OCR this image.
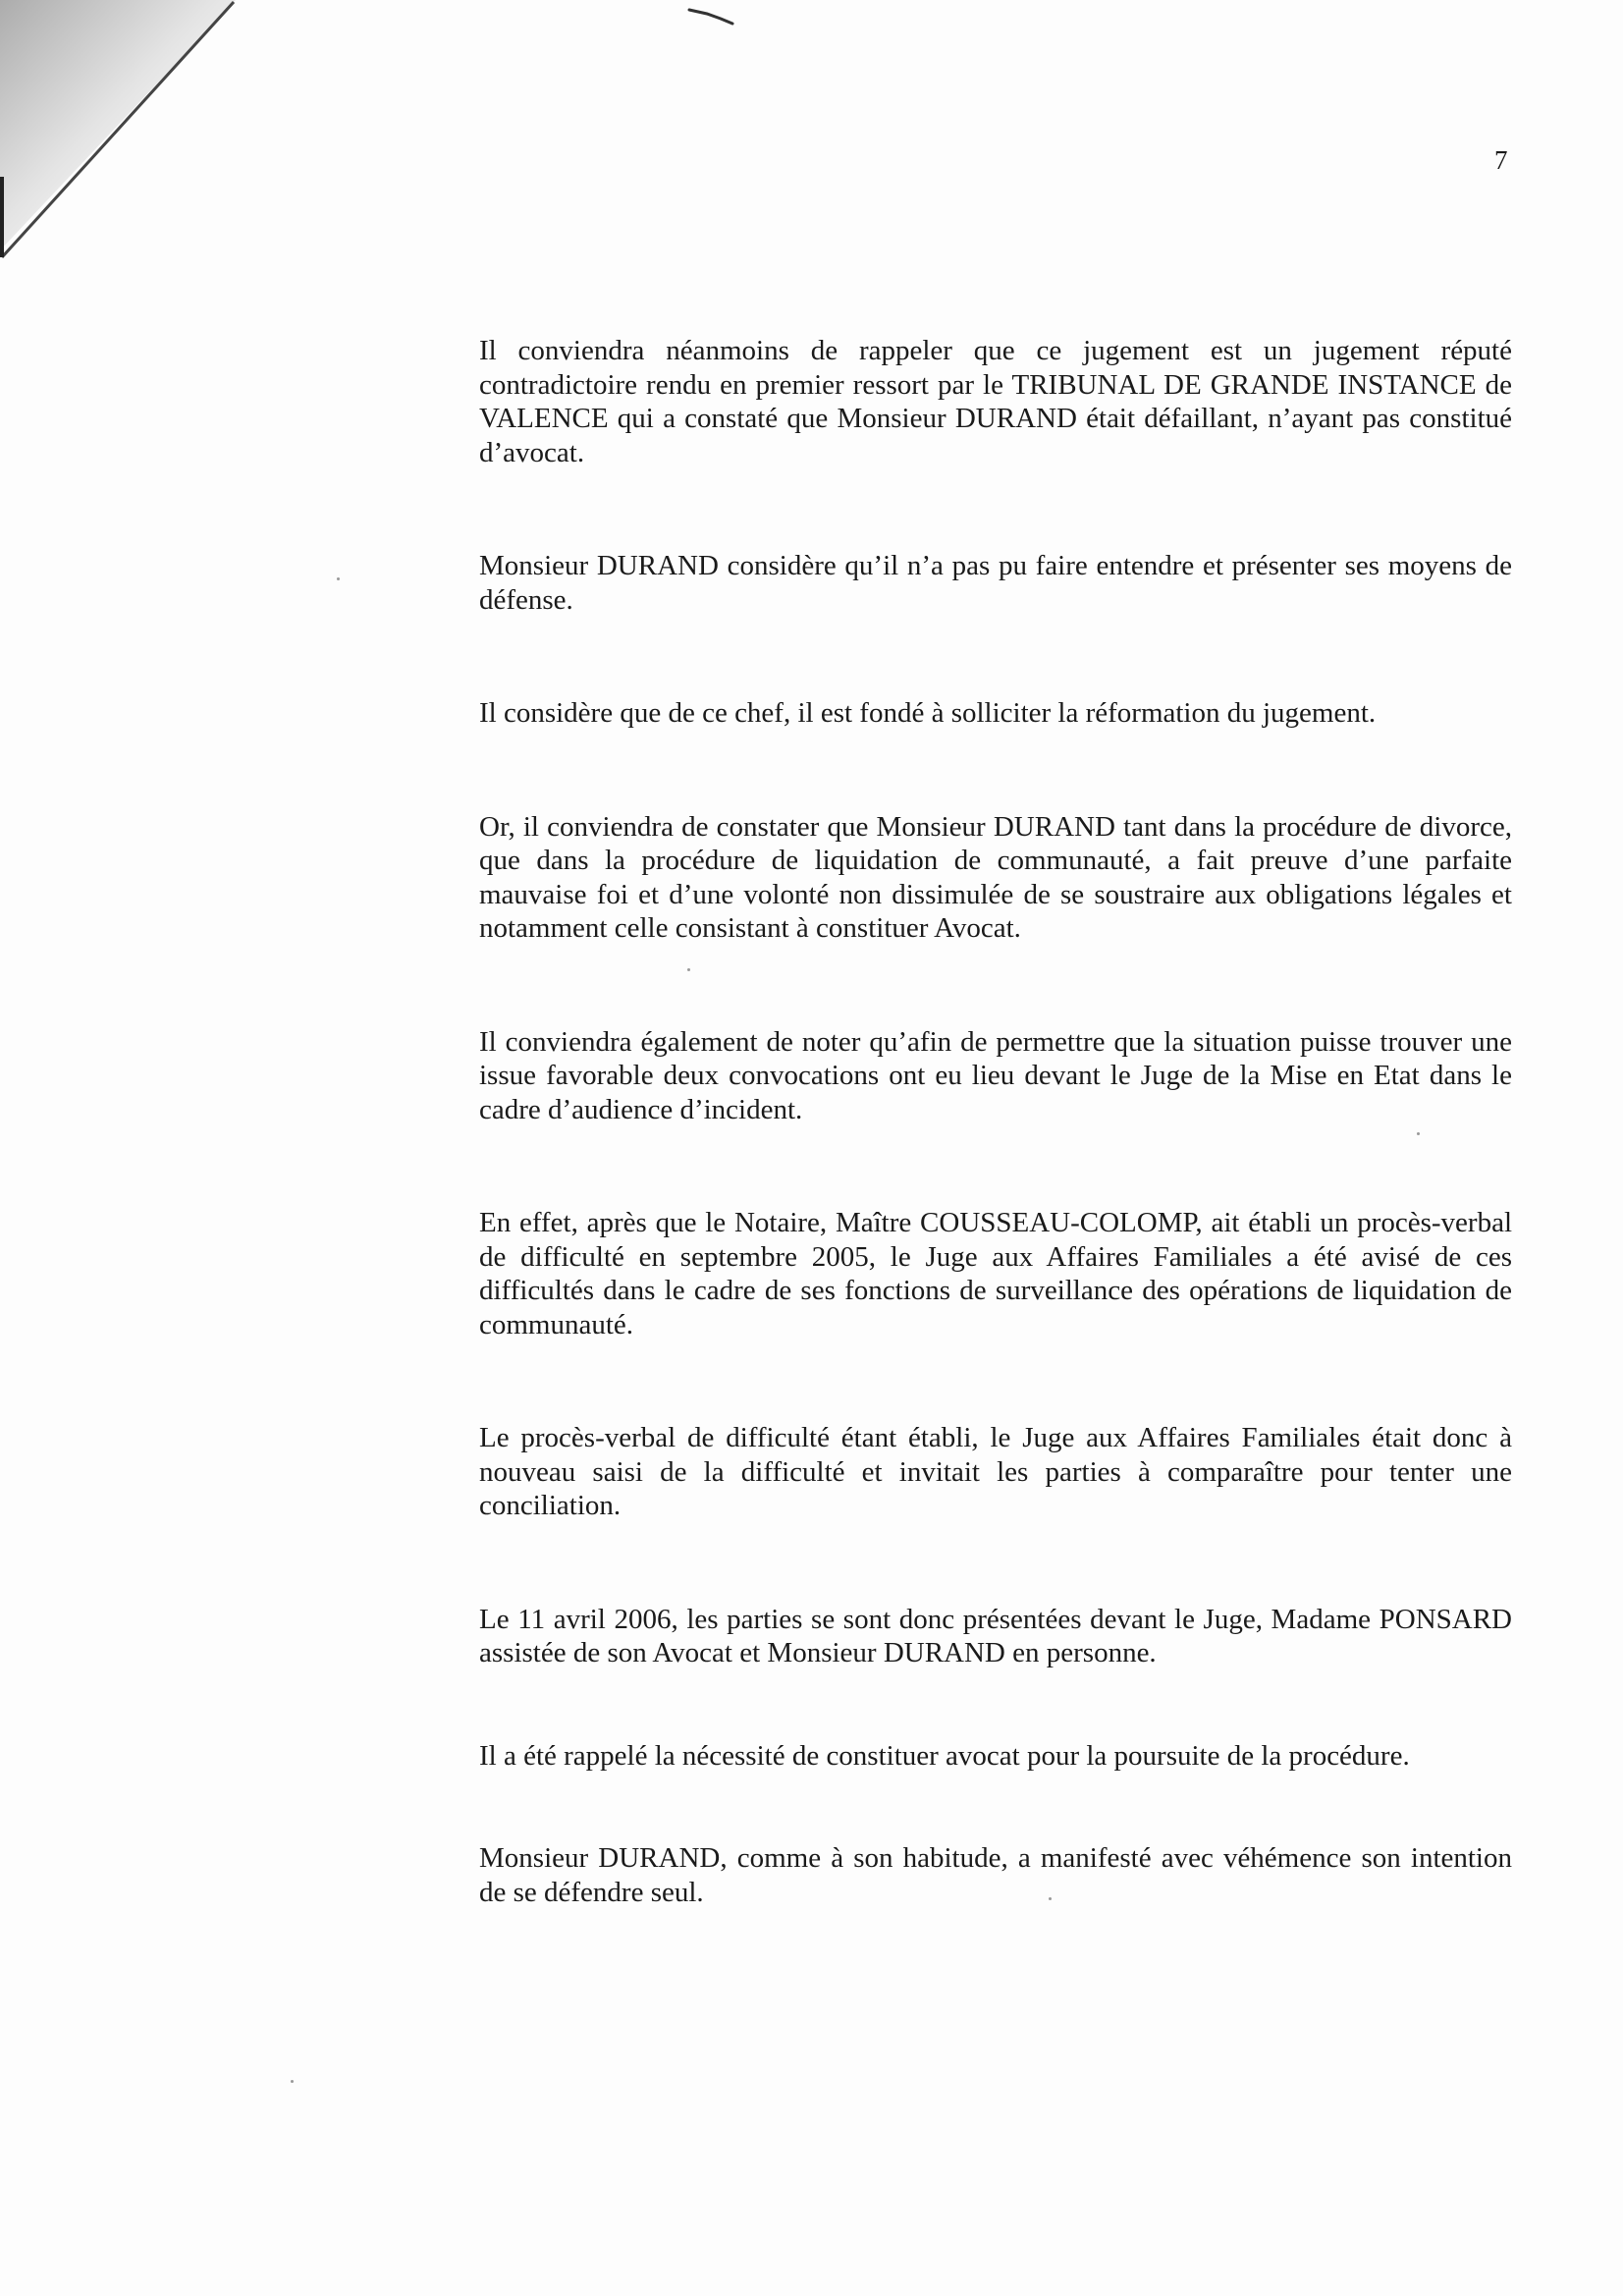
7

Il conviendra néanmoins de rappeler que ce jugement est un jugement réputé contradictoire rendu en premier ressort par le TRIBUNAL DE GRANDE INSTANCE de VALENCE qui a constaté que Monsieur DURAND était défaillant, n’ayant pas constitué d’avocat.

Monsieur DURAND considère qu’il n’a pas pu faire entendre et présenter ses moyens de défense.

Il considère que de ce chef, il est fondé à solliciter la réformation du jugement.

Or, il conviendra de constater que Monsieur DURAND tant dans la procédure de divorce, que dans la procédure de liquidation de communauté, a fait preuve d’une parfaite mauvaise foi et d’une volonté non dissimulée de se soustraire aux obligations légales et notamment celle consistant à constituer Avocat.

Il conviendra également de noter qu’afin de permettre que la situation puisse trouver une issue favorable deux convocations ont eu lieu devant le Juge de la Mise en Etat dans le cadre d’audience d’incident.

En effet, après que le Notaire, Maître COUSSEAU-COLOMP, ait établi un procès-verbal de difficulté en septembre 2005, le Juge aux Affaires Familiales a été avisé de ces difficultés dans le cadre de ses fonctions de surveillance des opérations de liquidation de communauté.

Le procès-verbal de difficulté étant établi, le Juge aux Affaires Familiales était donc à nouveau saisi de la difficulté et invitait les parties à comparaître pour tenter une conciliation.

Le 11 avril 2006, les parties se sont donc présentées devant le Juge, Madame PONSARD assistée de son Avocat et Monsieur DURAND en personne.

Il a été rappelé la nécessité de constituer avocat pour la poursuite de la procédure.

Monsieur DURAND, comme à son habitude, a manifesté avec véhémence son intention de se défendre seul.
